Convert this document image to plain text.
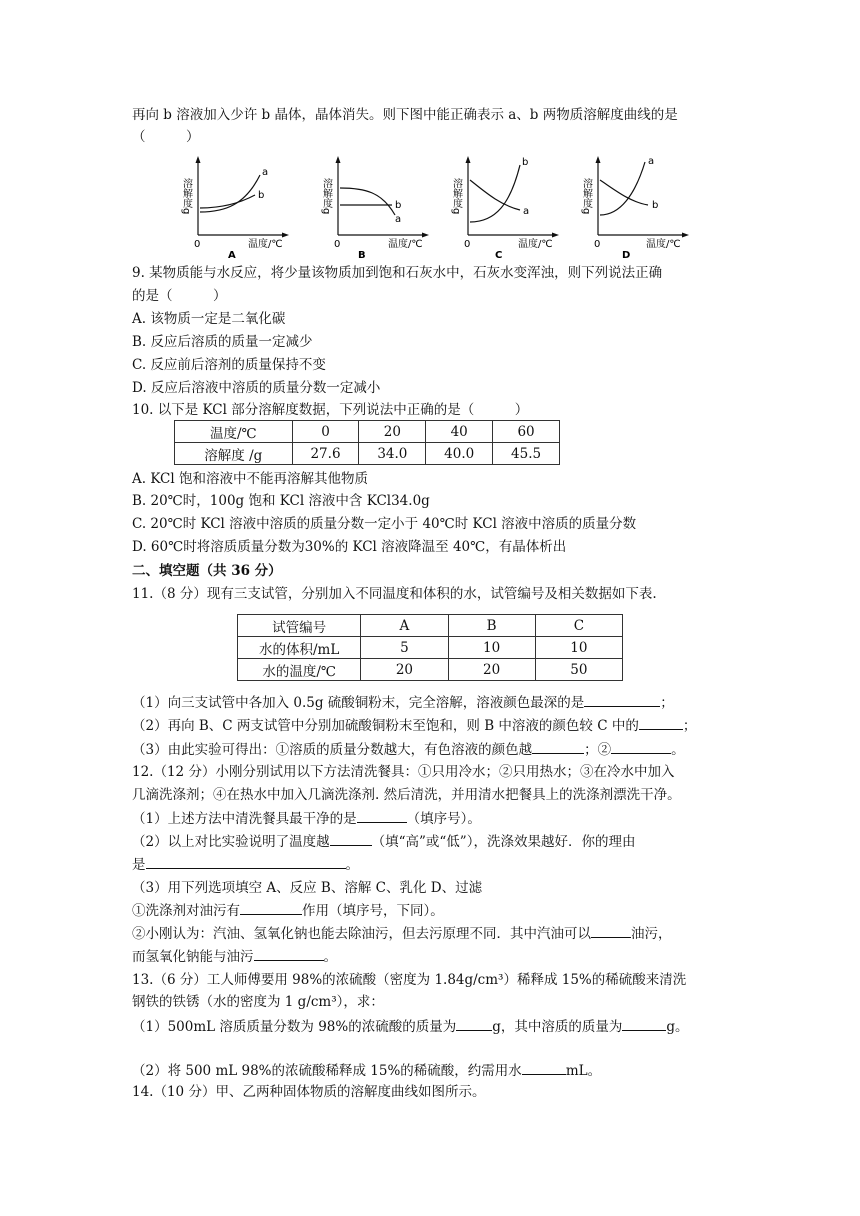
再向 b 溶液加入少许 b 晶体，晶体消失。则下图中能正确表示 a、b 两物质溶解度曲线的是
（　　　）
溶解度g
0	温度/℃
a
b
A
溶解度g
0	温度/℃
b
a
B
溶解度g
0	温度/℃
b
a
C
溶解度g
0	温度/℃
a
b
D
9. 某物质能与水反应，将少量该物质加到饱和石灰水中，石灰水变浑浊，则下列说法正确
的是（　　　）
A. 该物质一定是二氧化碳
B. 反应后溶质的质量一定减少
C. 反应前后溶剂的质量保持不变
D. 反应后溶液中溶质的质量分数一定减小
10. 以下是 KCl 部分溶解度数据，下列说法中正确的是（　　　）
温度/℃	0	20	40	60
溶解度 /g	27.6	34.0	40.0	45.5
A. KCl 饱和溶液中不能再溶解其他物质
B. 20℃时，100g 饱和 KCl 溶液中含 KCl34.0g
C. 20℃时 KCl 溶液中溶质的质量分数一定小于 40℃时 KCl 溶液中溶质的质量分数
D. 60℃时将溶质质量分数为30%的 KCl 溶液降温至 40℃，有晶体析出
二、填空题（共 36 分）
11.（8 分）现有三支试管，分别加入不同温度和体积的水，试管编号及相关数据如下表.
试管编号	A	B	C
水的体积/mL	5	10	10
水的温度/℃	20	20	50
（1）向三支试管中各加入 0.5g 硫酸铜粉末，完全溶解，溶液颜色最深的是	；
（2）再向 B、C 两支试管中分别加硫酸铜粉末至饱和，则 B 中溶液的颜色较 C 中的	；
（3）由此实验可得出：①溶质的质量分数越大，有色溶液的颜色越	；②	。
12.（12 分）小刚分别试用以下方法清洗餐具：①只用冷水；②只用热水；③在冷水中加入
几滴洗涤剂；④在热水中加入几滴洗涤剂. 然后清洗，并用清水把餐具上的洗涤剂漂洗干净。
（1）上述方法中清洗餐具最干净的是	（填序号）。
（2）以上对比实验说明了温度越	（填“高”或“低”），洗涤效果越好．你的理由
是	。
（3）用下列选项填空 A、反应 B、溶解 C、乳化 D、过滤
①洗涤剂对油污有	作用（填序号，下同）。
②小刚认为：汽油、氢氧化钠也能去除油污，但去污原理不同．其中汽油可以	油污，
而氢氧化钠能与油污	。
13.（6 分）工人师傅要用 98%的浓硫酸（密度为 1.84g/cm³）稀释成 15%的稀硫酸来清洗
钢铁的铁锈（水的密度为 1 g/cm³），求：
（1）500mL 溶质质量分数为 98%的浓硫酸的质量为	g，其中溶质的质量为	g。
（2）将 500 mL 98%的浓硫酸稀释成 15%的稀硫酸，约需用水	mL。
14.（10 分）甲、乙两种固体物质的溶解度曲线如图所示。
